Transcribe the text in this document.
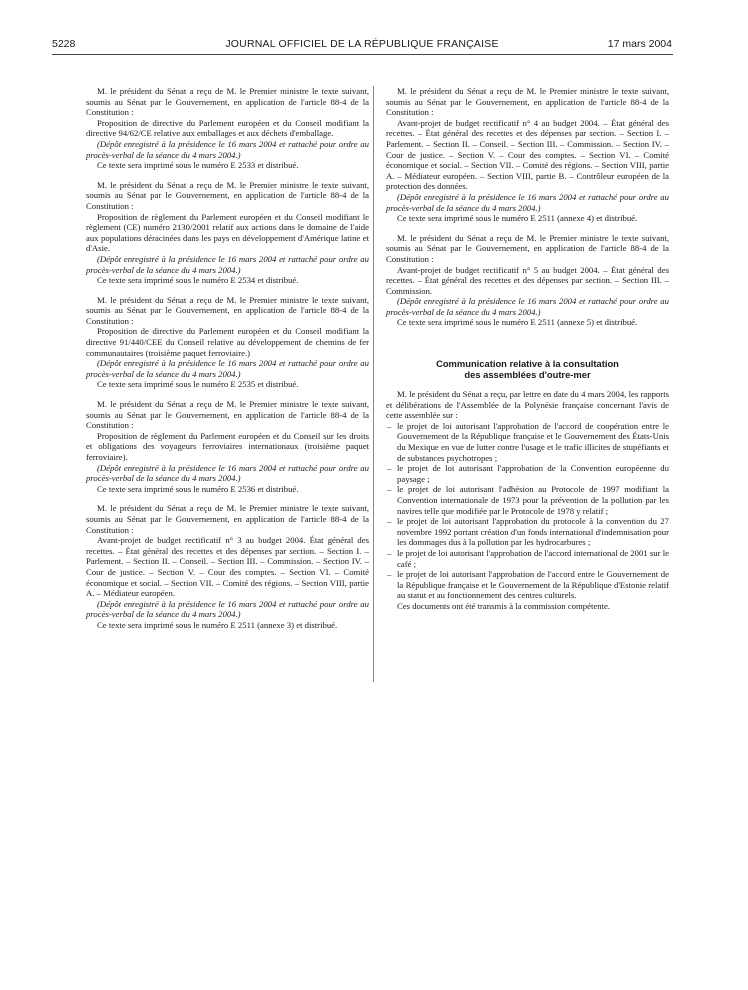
5228	JOURNAL OFFICIEL DE LA RÉPUBLIQUE FRANÇAISE	17 mars 2004

M. le président du Sénat a reçu de M. le Premier ministre le texte suivant, soumis au Sénat par le Gouvernement, en application de l'article 88-4 de la Constitution :

Proposition de directive du Parlement européen et du Conseil modifiant la directive 94/62/CE relative aux emballages et aux déchets d'emballage.

(Dépôt enregistré à la présidence le 16 mars 2004 et rattaché pour ordre au procès-verbal de la séance du 4 mars 2004.)

Ce texte sera imprimé sous le numéro E 2533 et distribué.

M. le président du Sénat a reçu de M. le Premier ministre le texte suivant, soumis au Sénat par le Gouvernement, en application de l'article 88-4 de la Constitution :

Proposition de règlement du Parlement européen et du Conseil modifiant le règlement (CE) numéro 2130/2001 relatif aux actions dans le domaine de l'aide aux populations déracinées dans les pays en développement d'Amérique latine et d'Asie.

(Dépôt enregistré à la présidence le 16 mars 2004 et rattaché pour ordre au procès-verbal de la séance du 4 mars 2004.)

Ce texte sera imprimé sous le numéro E 2534 et distribué.

M. le président du Sénat a reçu de M. le Premier ministre le texte suivant, soumis au Sénat par le Gouvernement, en application de l'article 88-4 de la Constitution :

Proposition de directive du Parlement européen et du Conseil modifiant la directive 91/440/CEE du Conseil relative au développement de chemins de fer communautaires (troisième paquet ferroviaire.)

(Dépôt enregistré à la présidence le 16 mars 2004 et rattaché pour ordre au procès-verbal de la séance du 4 mars 2004.)

Ce texte sera imprimé sous le numéro E 2535 et distribué.

M. le président du Sénat a reçu de M. le Premier ministre le texte suivant, soumis au Sénat par le Gouvernement, en application de l'article 88-4 de la Constitution :

Proposition de règlement du Parlement européen et du Conseil sur les droits et obligations des voyageurs ferroviaires internationaux (troisième paquet ferroviaire).

(Dépôt enregistré à la présidence le 16 mars 2004 et rattaché pour ordre au procès-verbal de la séance du 4 mars 2004.)

Ce texte sera imprimé sous le numéro E 2536 et distribué.

M. le président du Sénat a reçu de M. le Premier ministre le texte suivant, soumis au Sénat par le Gouvernement, en application de l'article 88-4 de la Constitution :

Avant-projet de budget rectificatif n° 3 au budget 2004. État général des recettes. – État général des recettes et des dépenses par section. – Section I. – Parlement. – Section II. – Conseil. – Section III. – Commission. – Section IV. – Cour de justice. – Section V. – Cour des comptes. – Section VI. – Comité économique et social. – Section VII. – Comité des régions. – Section VIII, partie A. – Médiateur européen.

(Dépôt enregistré à la présidence le 16 mars 2004 et rattaché pour ordre au procès-verbal de la séance du 4 mars 2004.)

Ce texte sera imprimé sous le numéro E 2511 (annexe 3) et distribué.

M. le président du Sénat a reçu de M. le Premier ministre le texte suivant, soumis au Sénat par le Gouvernement, en application de l'article 88-4 de la Constitution :

Avant-projet de budget rectificatif n° 4 au budget 2004. – État général des recettes. – État général des recettes et des dépenses par section. – Section I. – Parlement. – Section II. – Conseil. – Section III. – Commission. – Section IV. – Cour de justice. – Section V. – Cour des comptes. – Section VI. – Comité économique et social. – Section VII. – Comité des régions. – Section VIII, partie A. – Médiateur européen. – Section VIII, partie B. – Contrôleur européen de la protection des données.

(Dépôt enregistré à la présidence le 16 mars 2004 et rattaché pour ordre au procès-verbal de la séance du 4 mars 2004.)

Ce texte sera imprimé sous le numéro E 2511 (annexe 4) et distribué.

M. le président du Sénat a reçu de M. le Premier ministre le texte suivant, soumis au Sénat par le Gouvernement, en application de l'article 88-4 de la Constitution :

Avant-projet de budget rectificatif n° 5 au budget 2004. – État général des recettes. – État général des recettes et des dépenses par section. – Section III. – Commission.

(Dépôt enregistré à la présidence le 16 mars 2004 et rattaché pour ordre au procès-verbal de la séance du 4 mars 2004.)

Ce texte sera imprimé sous le numéro E 2511 (annexe 5) et distribué.

Communication relative à la consultation
des assemblées d'outre-mer

M. le président du Sénat a reçu, par lettre en date du 4 mars 2004, les rapports et délibérations de l'Assemblée de la Polynésie française concernant l'avis de cette assemblée sur :

– le projet de loi autorisant l'approbation de l'accord de coopération entre le Gouvernement de la République française et le Gouvernement des États-Unis du Mexique en vue de lutter contre l'usage et le trafic illicites de stupéfiants et de substances psychotropes ;
– le projet de loi autorisant l'approbation de la Convention européenne du paysage ;
– le projet de loi autorisant l'adhésion au Protocole de 1997 modifiant la Convention internationale de 1973 pour la prévention de la pollution par les navires telle que modifiée par le Protocole de 1978 y relatif ;
– le projet de loi autorisant l'approbation du protocole à la convention du 27 novembre 1992 portant création d'un fonds international d'indemnisation pour les dommages dus à la pollution par les hydrocarbures ;
– le projet de loi autorisant l'approbation de l'accord international de 2001 sur le café ;
– le projet de loi autorisant l'approbation de l'accord entre le Gouvernement de la République française et le Gouvernement de la République d'Estonie relatif au statut et au fonctionnement des centres culturels.

Ces documents ont été transmis à la commission compétente.
